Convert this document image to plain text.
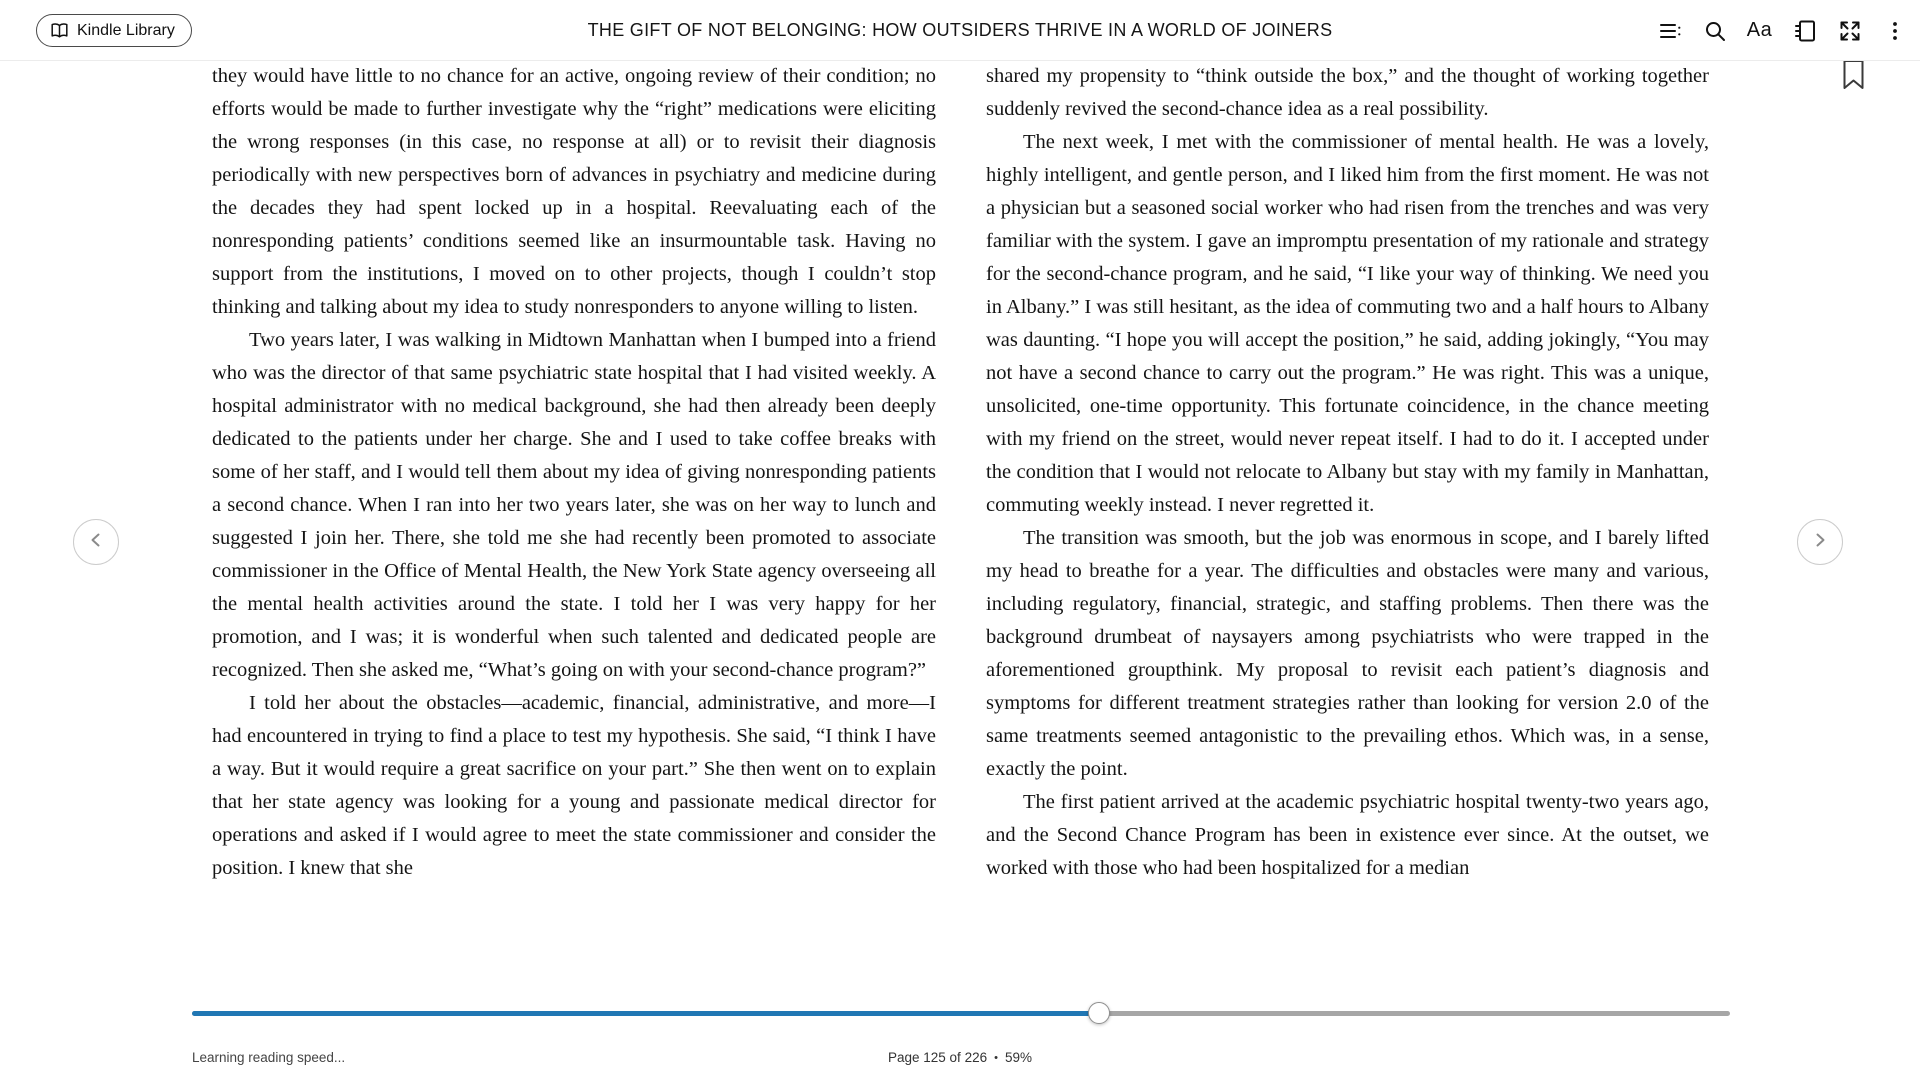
Kindle Library	THE GIFT OF NOT BELONGING: HOW OUTSIDERS THRIVE IN A WORLD OF JOINERS	Aa

they would have little to no chance for an active, ongoing review of their condition; no efforts would be made to further investigate why the “right” medications were eliciting the wrong responses (in this case, no response at all) or to revisit their diagnosis periodically with new perspectives born of advances in psychiatry and medicine during the decades they had spent locked up in a hospital. Reevaluating each of the nonresponding patients’ conditions seemed like an insurmountable task. Having no support from the institutions, I moved on to other projects, though I couldn’t stop thinking and talking about my idea to study nonresponders to anyone willing to listen.

Two years later, I was walking in Midtown Manhattan when I bumped into a friend who was the director of that same psychiatric state hospital that I had visited weekly. A hospital administrator with no medical background, she had then already been deeply dedicated to the patients under her charge. She and I used to take coffee breaks with some of her staff, and I would tell them about my idea of giving nonresponding patients a second chance. When I ran into her two years later, she was on her way to lunch and suggested I join her. There, she told me she had recently been promoted to associate commissioner in the Office of Mental Health, the New York State agency overseeing all the mental health activities around the state. I told her I was very happy for her promotion, and I was; it is wonderful when such talented and dedicated people are recognized. Then she asked me, “What’s going on with your second-chance program?”

I told her about the obstacles—academic, financial, administrative, and more—I had encountered in trying to find a place to test my hypothesis. She said, “I think I have a way. But it would require a great sacrifice on your part.” She then went on to explain that her state agency was looking for a young and passionate medical director for operations and asked if I would agree to meet the state commissioner and consider the position. I knew that she

shared my propensity to “think outside the box,” and the thought of working together suddenly revived the second-chance idea as a real possibility.

The next week, I met with the commissioner of mental health. He was a lovely, highly intelligent, and gentle person, and I liked him from the first moment. He was not a physician but a seasoned social worker who had risen from the trenches and was very familiar with the system. I gave an impromptu presentation of my rationale and strategy for the second-chance program, and he said, “I like your way of thinking. We need you in Albany.” I was still hesitant, as the idea of commuting two and a half hours to Albany was daunting. “I hope you will accept the position,” he said, adding jokingly, “You may not have a second chance to carry out the program.” He was right. This was a unique, unsolicited, one-time opportunity. This fortunate coincidence, in the chance meeting with my friend on the street, would never repeat itself. I had to do it. I accepted under the condition that I would not relocate to Albany but stay with my family in Manhattan, commuting weekly instead. I never regretted it.

The transition was smooth, but the job was enormous in scope, and I barely lifted my head to breathe for a year. The difficulties and obstacles were many and various, including regulatory, financial, strategic, and staffing problems. Then there was the background drumbeat of naysayers among psychiatrists who were trapped in the aforementioned groupthink. My proposal to revisit each patient’s diagnosis and symptoms for different treatment strategies rather than looking for version 2.0 of the same treatments seemed antagonistic to the prevailing ethos. Which was, in a sense, exactly the point.

The first patient arrived at the academic psychiatric hospital twenty-two years ago, and the Second Chance Program has been in existence ever since. At the outset, we worked with those who had been hospitalized for a median

Learning reading speed...	Page 125 of 226 • 59%
